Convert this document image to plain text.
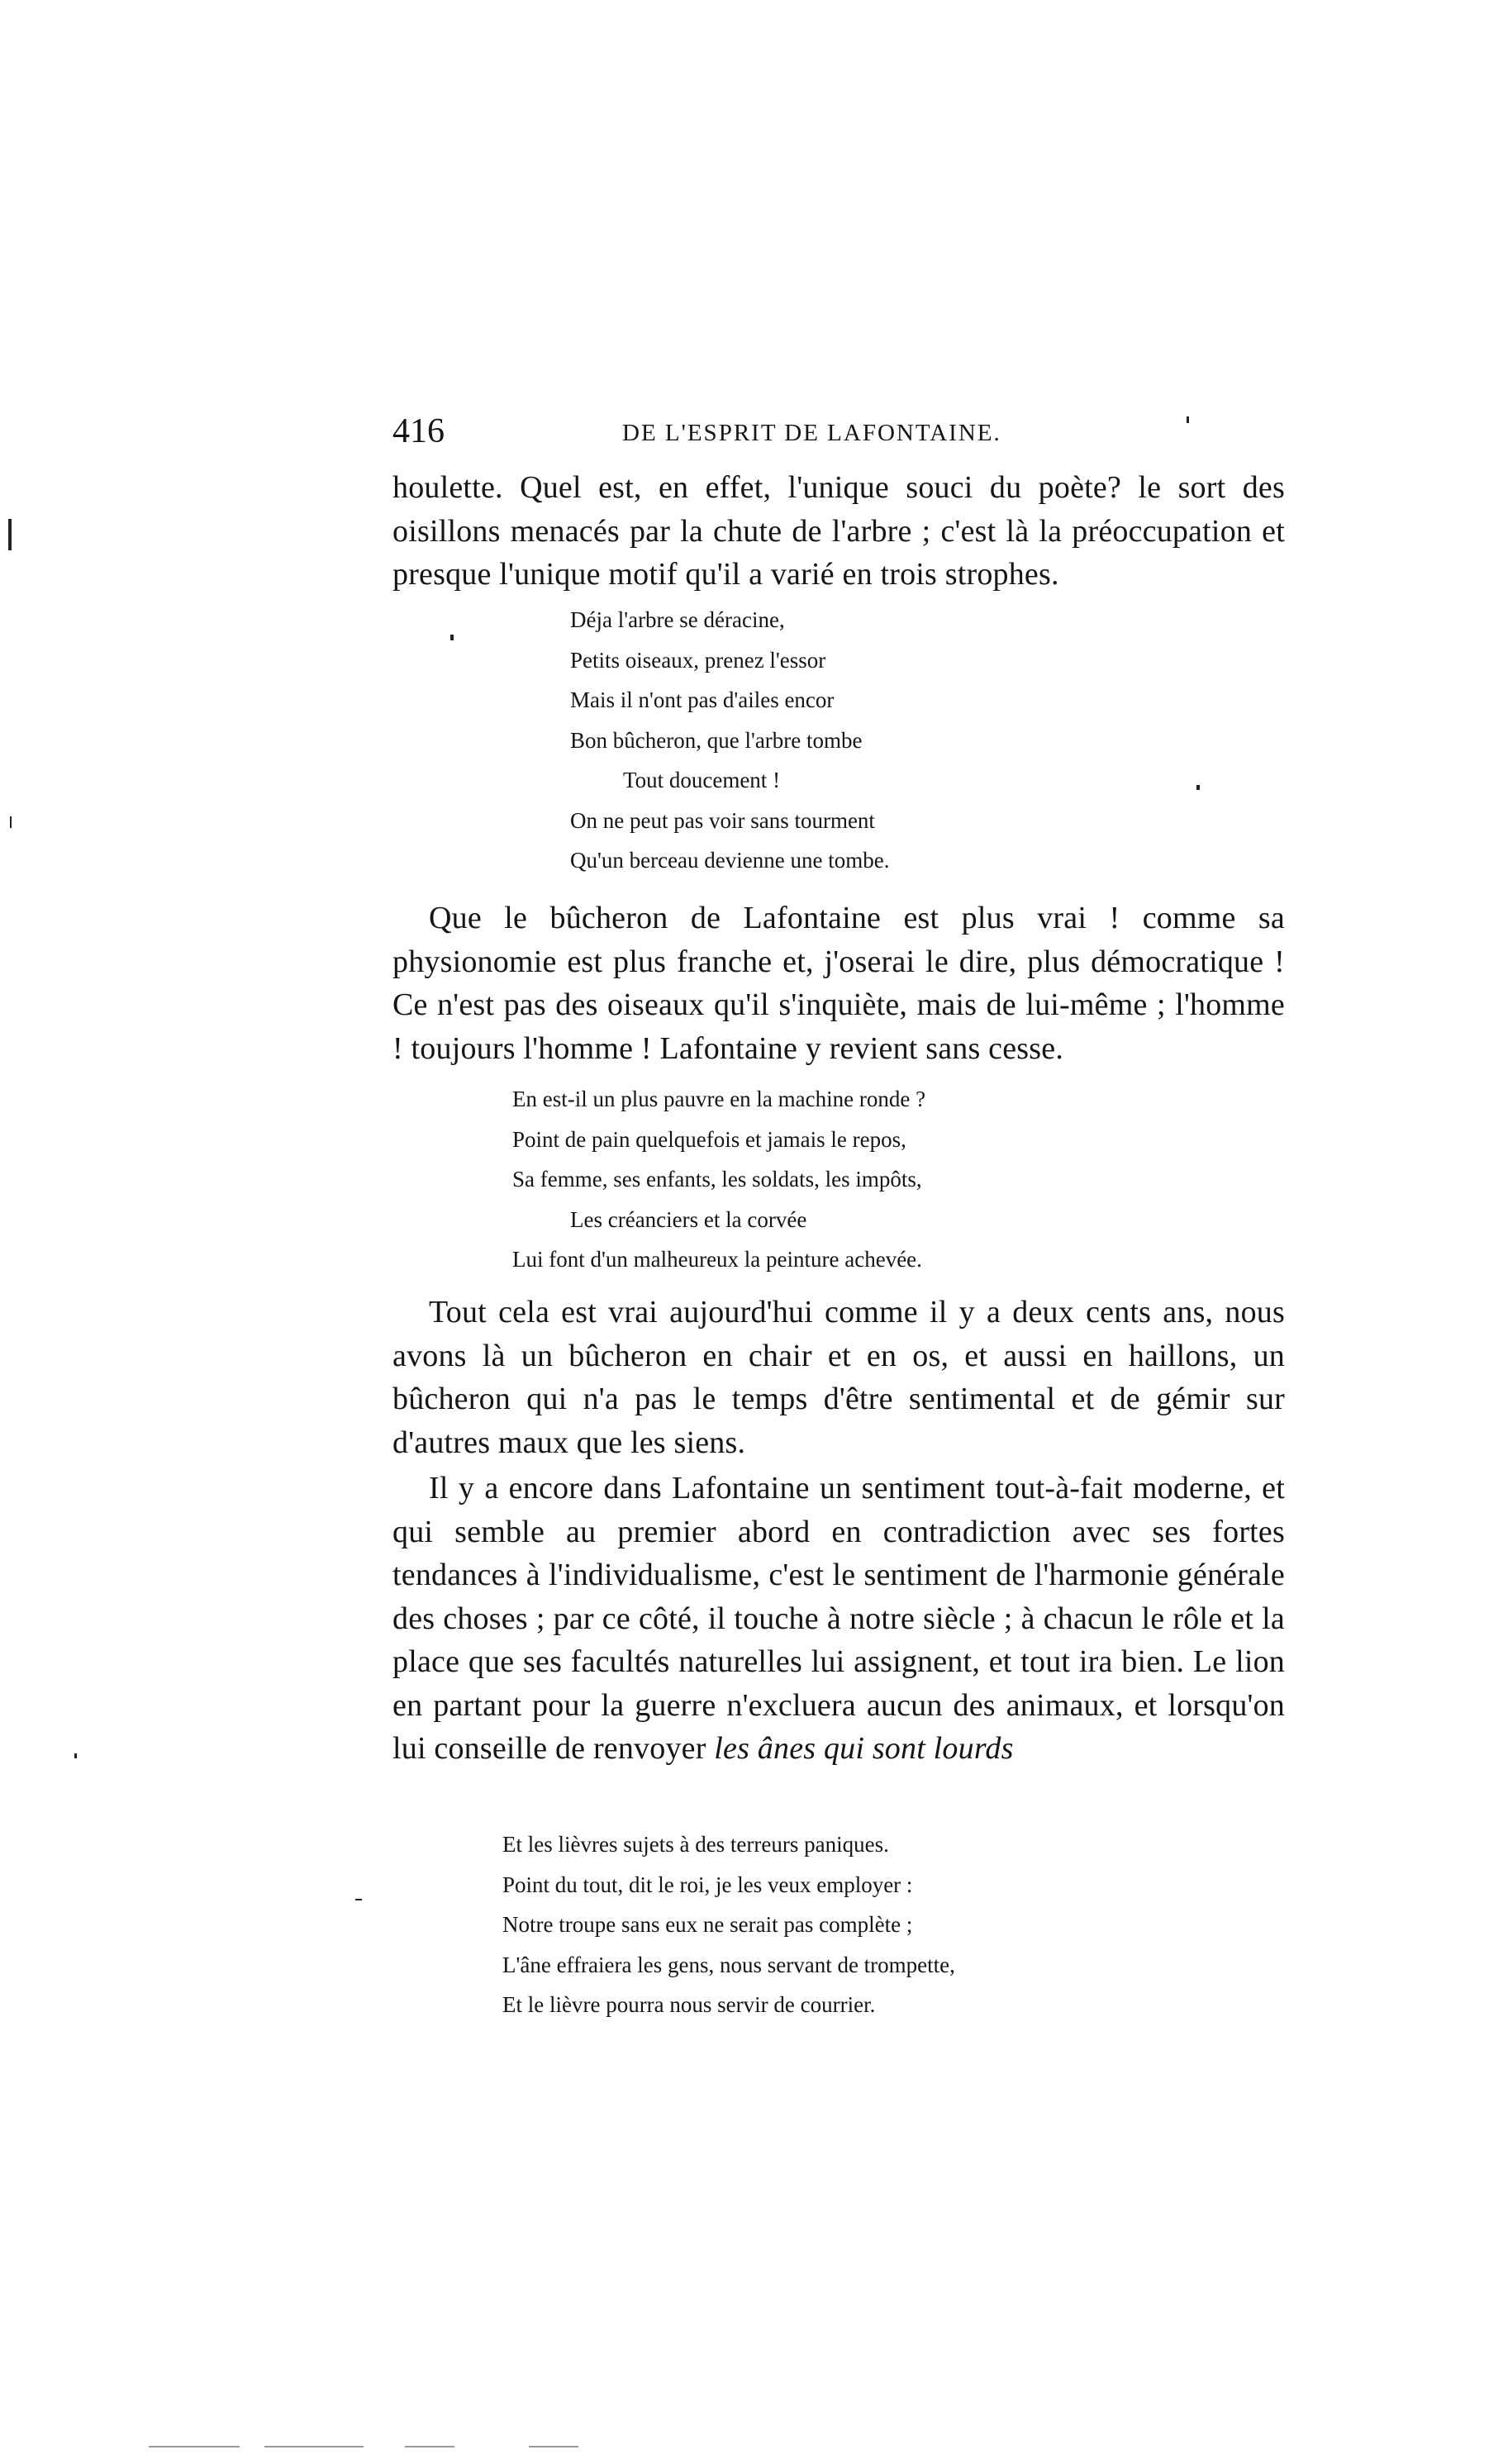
416	DE L'ESPRIT DE LAFONTAINE.

houlette. Quel est, en effet, l'unique souci du poète? le sort des oisillons menacés par la chute de l'arbre ; c'est là la préoccupation et presque l'unique motif qu'il a varié en trois strophes.

Déja l'arbre se déracine,
Petits oiseaux, prenez l'essor
Mais il n'ont pas d'ailes encor
Bon bûcheron, que l'arbre tombe
Tout doucement !
On ne peut pas voir sans tourment
Qu'un berceau devienne une tombe.

Que le bûcheron de Lafontaine est plus vrai ! comme sa physionomie est plus franche et, j'oserai le dire, plus démocratique ! Ce n'est pas des oiseaux qu'il s'inquiète, mais de lui-même ; l'homme ! toujours l'homme ! Lafontaine y revient sans cesse.

En est-il un plus pauvre en la machine ronde ?
Point de pain quelquefois et jamais le repos,
Sa femme, ses enfants, les soldats, les impôts,
Les créanciers et la corvée
Lui font d'un malheureux la peinture achevée.

Tout cela est vrai aujourd'hui comme il y a deux cents ans, nous avons là un bûcheron en chair et en os, et aussi en haillons, un bûcheron qui n'a pas le temps d'être sentimental et de gémir sur d'autres maux que les siens.

Il y a encore dans Lafontaine un sentiment tout-à-fait moderne, et qui semble au premier abord en contradiction avec ses fortes tendances à l'individualisme, c'est le sentiment de l'harmonie générale des choses ; par ce côté, il touche à notre siècle ; à chacun le rôle et la place que ses facultés naturelles lui assignent, et tout ira bien. Le lion en partant pour la guerre n'excluera aucun des animaux, et lorsqu'on lui conseille de renvoyer les ânes qui sont lourds

Et les lièvres sujets à des terreurs paniques.
Point du tout, dit le roi, je les veux employer :
Notre troupe sans eux ne serait pas complète ;
L'âne effraiera les gens, nous servant de trompette,
Et le lièvre pourra nous servir de courrier.
